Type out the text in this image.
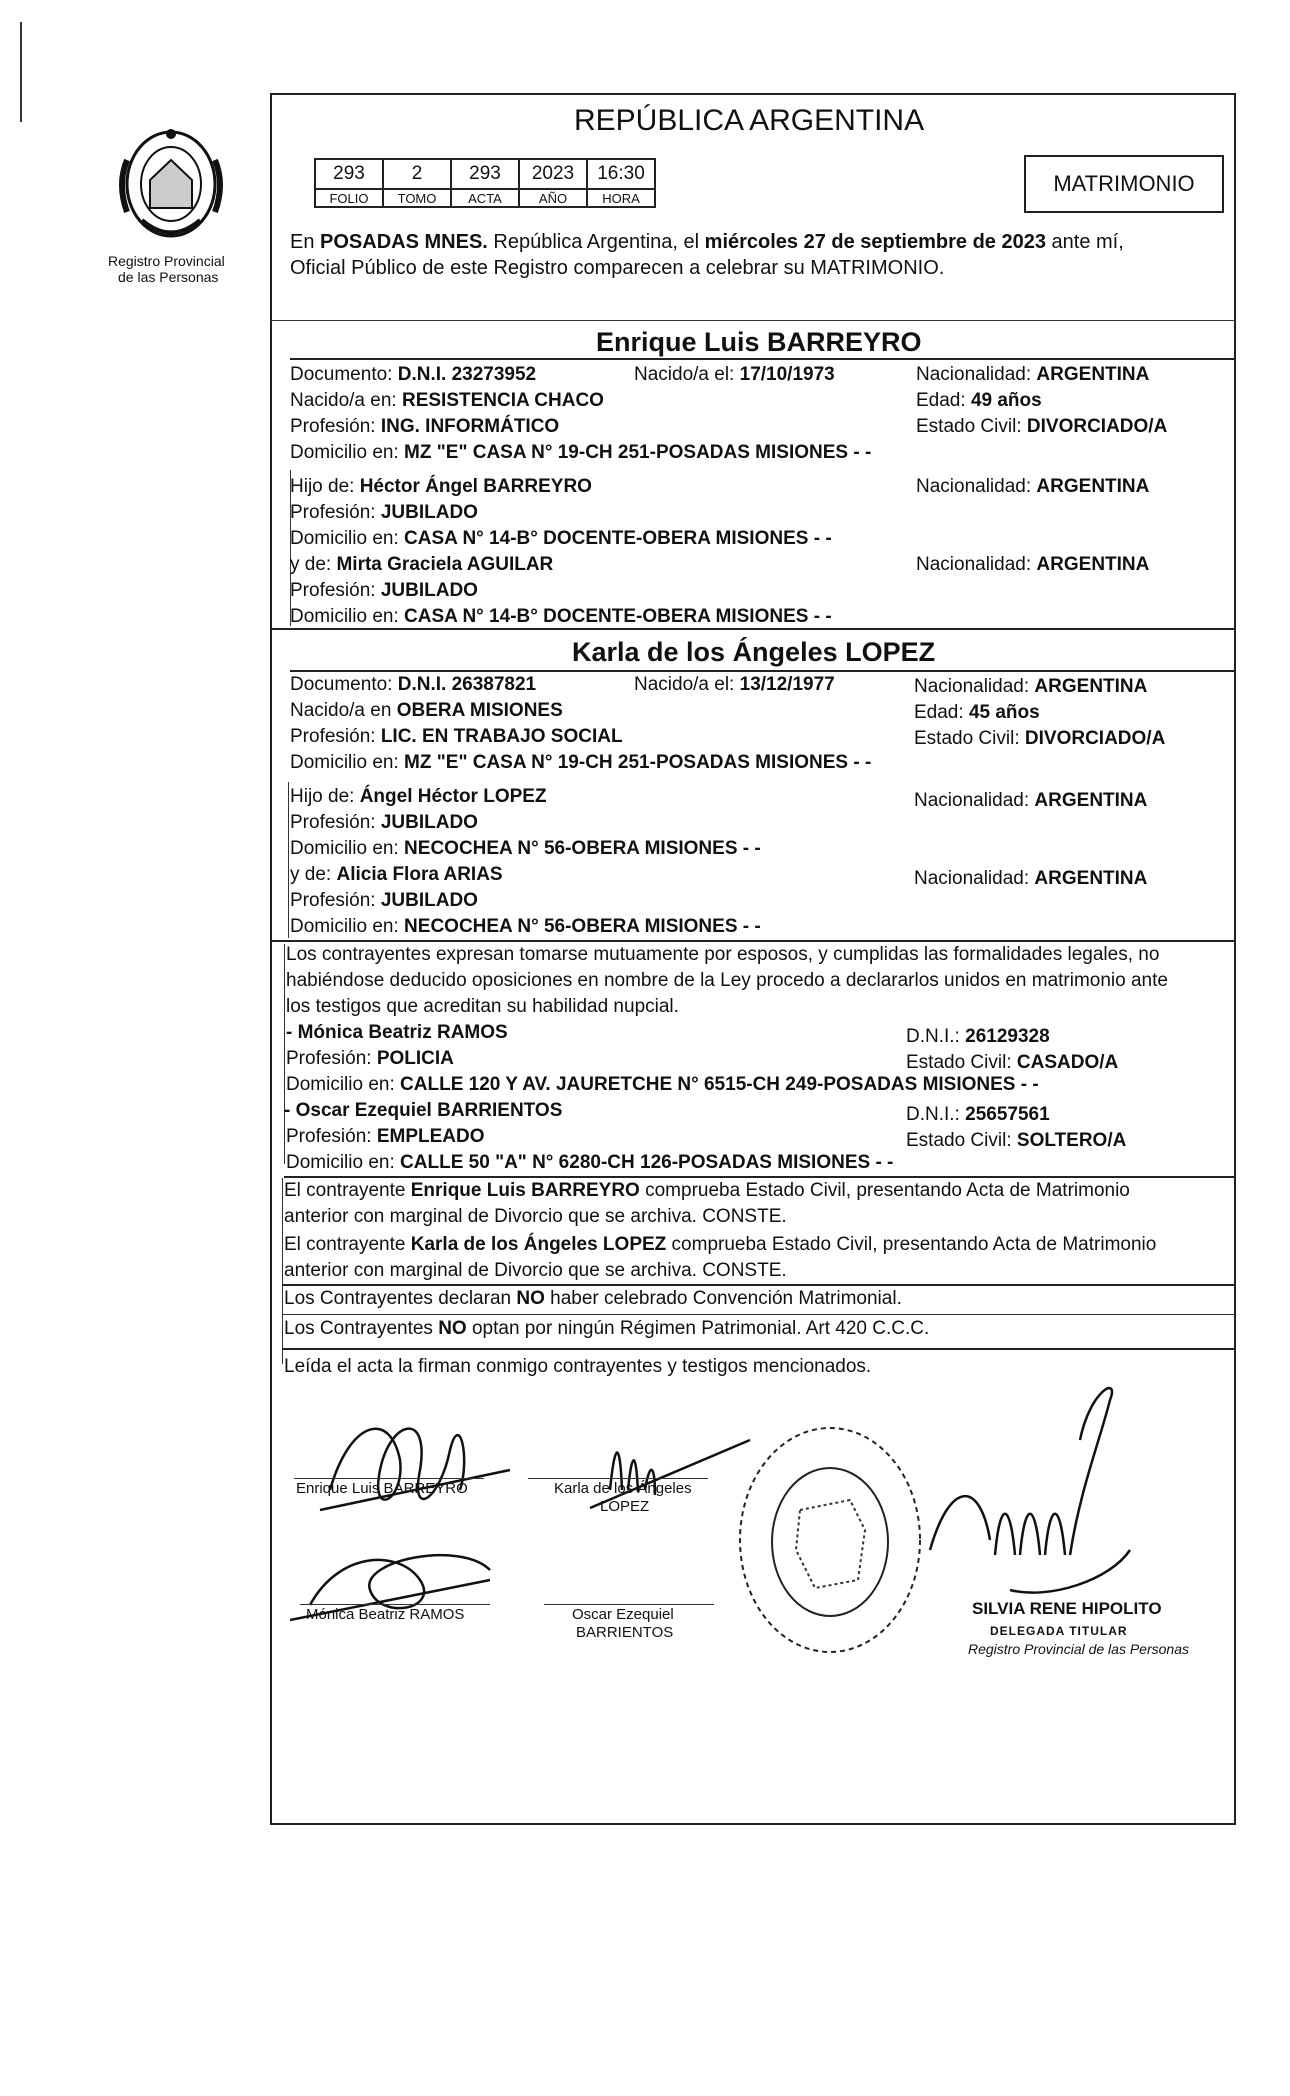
Registro Provincial
de las Personas
REPÚBLICA ARGENTINA
293	2	293	2023	16:30
FOLIO	TOMO	ACTA	AÑO	HORA
MATRIMONIO
En POSADAS MNES. República Argentina, el miércoles 27 de septiembre de 2023 ante mí,
Oficial Público de este Registro comparecen a celebrar su MATRIMONIO.
Enrique Luis BARREYRO
Documento: D.N.I. 23273952	Nacido/a el: 17/10/1973	Nacionalidad: ARGENTINA
Nacido/a en: RESISTENCIA CHACO	Edad: 49 años
Profesión: ING. INFORMÁTICO	Estado Civil: DIVORCIADO/A
Domicilio en: MZ "E" CASA N° 19-CH 251-POSADAS MISIONES - -
Hijo de: Héctor Ángel BARREYRO	Nacionalidad: ARGENTINA
Profesión: JUBILADO
Domicilio en: CASA N° 14-B° DOCENTE-OBERA MISIONES - -
y de: Mirta Graciela AGUILAR	Nacionalidad: ARGENTINA
Profesión: JUBILADO
Domicilio en: CASA N° 14-B° DOCENTE-OBERA MISIONES - -
Karla de los Ángeles LOPEZ
Documento: D.N.I. 26387821	Nacido/a el: 13/12/1977	Nacionalidad: ARGENTINA
Nacido/a en OBERA MISIONES	Edad: 45 años
Profesión: LIC. EN TRABAJO SOCIAL	Estado Civil: DIVORCIADO/A
Domicilio en: MZ "E" CASA N° 19-CH 251-POSADAS MISIONES - -
Hijo de: Ángel Héctor LOPEZ	Nacionalidad: ARGENTINA
Profesión: JUBILADO
Domicilio en: NECOCHEA N° 56-OBERA MISIONES - -
y de: Alicia Flora ARIAS	Nacionalidad: ARGENTINA
Profesión: JUBILADO
Domicilio en: NECOCHEA N° 56-OBERA MISIONES - -
Los contrayentes expresan tomarse mutuamente por esposos, y cumplidas las formalidades legales, no
habiéndose deducido oposiciones en nombre de la Ley procedo a declararlos unidos en matrimonio ante
los testigos que acreditan su habilidad nupcial.
- Mónica Beatriz RAMOS	D.N.I.: 26129328
Profesión: POLICIA	Estado Civil: CASADO/A
Domicilio en: CALLE 120 Y AV. JAURETCHE N° 6515-CH 249-POSADAS MISIONES - -
- Oscar Ezequiel BARRIENTOS	D.N.I.: 25657561
Profesión: EMPLEADO	Estado Civil: SOLTERO/A
Domicilio en: CALLE 50 "A" N° 6280-CH 126-POSADAS MISIONES - -
El contrayente Enrique Luis BARREYRO comprueba Estado Civil, presentando Acta de Matrimonio
anterior con marginal de Divorcio que se archiva. CONSTE.
El contrayente Karla de los Ángeles LOPEZ comprueba Estado Civil, presentando Acta de Matrimonio
anterior con marginal de Divorcio que se archiva. CONSTE.
Los Contrayentes declaran NO haber celebrado Convención Matrimonial.
Los Contrayentes NO optan por ningún Régimen Patrimonial. Art 420 C.C.C.
Leída el acta la firman conmigo contrayentes y testigos mencionados.
Enrique Luis BARREYRO	Karla de los Ángeles
LOPEZ
Mónica Beatriz RAMOS	Oscar Ezequiel
BARRIENTOS
SILVIA RENE HIPOLITO
DELEGADA TITULAR
Registro Provincial de las Personas
